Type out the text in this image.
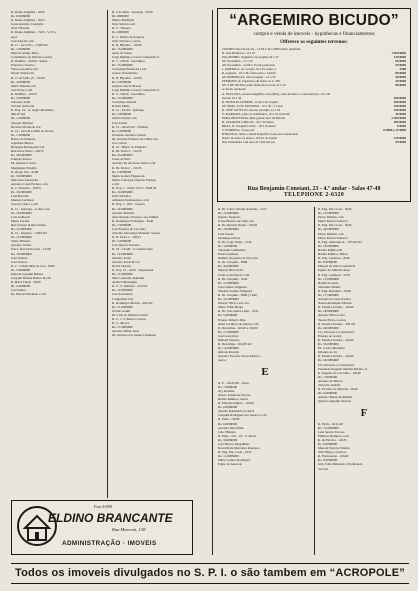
R. Dante Alighieri - 6x40
Rs. 6.000$000
R. Dante Alighieri - 6x35
Josué Arnaldo Consiglio
Irma Triviella
R. Dante Alighieri - 7x25 - V. Pro-
ença
José Antonio s/m
R. 17 - Jaca Fria - 5.000 m2
Rs. 1.000$000
Manoel Araujo Pinto
Conselheiro de Oliveira Godoy
R. Delmira - 20x50 - Saude
Francisco Saraiva
Vila Leopoldina s/m
Mosér Walsh s/m
R. 15 de Julho (T - 10x50
Rs. 4.000$000
Mario Mendes s/m
José Franco s/m
R. Delmira - 10x33
Rs. 3.000$000
Salvador Aritu
Vicente Aritu s/m
R. Proj. 10 - A. Anglo-Brasileira
286,70 m2
Rs. 1.000$000
Antonio Molbert
Ricardo Morais & Cia.
R. 14 - Jacu & Jardim do Gloria
Rs. 1.300$000
Bairro do Instituto
Jaguaribe Barros
Henrique Rosenquist s/m
Rua Dona Paula - 26x70
Rs. 28.000$000
Pompeu Pessoa
Dr. Antonio Carlos
Magdalena Estrella
R. Diogo Vaz - 6x48
Rs. 30.000$000
Mercedes Alexandre
Antonio Costa Pacheco s/m
R. 2 - Pirituba - 10x53
Rs. 16.000$000
Luiz Bracalla
Mansur Lucchesi
José de Castro e s/m
R. 12 - Ipiranga - el uma casa
Rs. 18.000$000
Luiz Galhardo
Maria Lucena
Rua Jacuara & Rua Zelina
Rs. 11.000$000
R. 14 - Itaquera - 1.000 m2
Rs. 12.000$000
Silvio Pimenta
Antonio Jordão
Praca, Rua Dom Leão - 13x50
Rs. 19.000$000
José Valente
José Peixoto
R. 2 - Cidade Mãe do Ceu - 8x60
Rs. 3.000$000
Manoel Joaquim Batista
Joaquim Batista Ramos & s/m
R. Barra Funda - 8x40
Rs. 2.000$000
José Santos
Dr. Durval Machado e s/m
R. 2 de Julho - Ipiranga - 8x38
Rs. 600$000
Mauro Bonfiglio
Julio Silveira s/m
R. 2 - Tatuapé
Rs. 600$000
R. 2 - Bairro de Itaquera
Julio Silveira e outros
R. D. Hipolito - 10x30
Rs. 15.000$000
Anna de Souza
Jorge Makhur e Cesar Campolim Jr.
R. 7 - 20x50 - Guarulhos
Rs. 15.000$000
Sociedade Brasileira Ltda.
Gastao Nascimento
R. D. Hipolito - 10x30
Rs. 5.000$000
Gustavo Oscar Brauer
Jorge Makhur e Cesar Campolim Jr.
R. 2 - 20x50 - Guarulhos
Rs. 13.000$000
Sociedade Amaral
Robert Mello
R. 12 - 10x10 - Ipiranga
Rs. 5.000$000
Arthur Zandar s/m
José Zarzur
R. 12 - 26x25x22 - Pirituba
Rs. 2.500$000
Jeronimo Antonio Curieri
Dr. Antonio Pinheiro de Ulhôa Cin-
tra e outros
R. 12 - Bairro do Pinheiro
R. Dr. Pedro I - 10x35
Rs. 25.000$000
Luisa de Haro
Antonio M. Alves de Lima e s/m
R. Dr. Pedro I - 10x35
Rs. 5.000$000
Maria Gomes Figueiredo
Maria Conceição Barreto Pantaja
e s/m
R. Proj. 1 - 8x26, 97x17, 78x8,30
Rs. 10.000$000
Julio Salvador
Armando Pederneiras e s/m
R. Proj. 1 - 8x2 - Voperu
Rs. 10.000$000
Antonio Martins
Abel Antonio Tavares e sua mulher
R. Domingos Fernandes - 8x40
Rs. 7.000$000
José Ferreira de Carvalho
Zenobia Alvarenga Monteiro Soares
R. D. Pedro I - 10x35
Rs. 5.000$000
José Ignacio Ferreira
R. 23 - 13x40 - V. Gumercindo
Rs. 12.000$000
Gilberto Gallo
Antonio Rossi & Cia.
David Serrano
R. Proj. 12 - 4x26 - Taquarussú
Rs. 12.000$000
Marco Antonio Ramaldi
Andaraí Meneghin
R. 2 - V. Mariana - 250 m2
Rs. 12.000$000
José Salvatierra
Companhia City
R. Domingos Morais - 482 m2
Rs. 21.000$000
Ovidio Gentil
Dr. Luiz de Oliveira Gentil
R. 2 - J. S. Bento e outros
R. 2 - Mooca
Rs. 17.000$000
Antonio Simão Neto
Dr. Antonio dos Santos Clemente
“ARGEMIRO BICUDO”
compra e venda de imoveis - hypothecas e financiamentos
Offerece os seguintes terrenos:
CENTRO, Rua da Gloria - 13,50 x 40 a 2800 metro quadrado
R. José Bonifacio - 8 x 25	1.200:000$
PACAEMBU, magnifico de esquina 26 x 27	120:000$
AV. Pacaembu - 15 x 35	60:000$
AV. Pacaembu - 12,00 x 35 em prestações	55:000$
J. AMERICA, Al. Lorena 10 x 45, metro a	350$
R. Augusta - 10 x 40, frente para o Jardim	80:000$
AV. REBOUÇAS, todo irregular - 12 x 35	40:000$
PERDIZES, R. Itapicurú, em frente ao n. 450	30:000$
AV. 9 DE JULHO, junto Radio Record de 12 x 32	80:000$
ao metro quadrado
A. PAULISTA, terreno magnifico todo (Brig. Luiz Antonio e Consolação) n. 16 x 40
terreno 16 x 40	200:000$
R. PEIXOTO GOMIDE, 11,40 x 45 esquina	180:000$
AV. BRIG. LUIZ ANTONIO - 10 x 45 - 3 casas	250:000$
R. JOSÉ GETULIO, terreno proximo 12 x 50	200:000$
V. MARIANA, junto ao Ambiental, 10 x 32 (120 m2)	40:000$
PARA INDUSTRIA, Brás grande area 18.000 m2	2.400:000$
R. JOAQUIM CARLOS - 18 x 30 metro	300:000$
BRAZ, R. Joaquim Carlos - 18 x 30 metro	6:000$
V. POMPEIA, 3 lotes por	6:000$ e 12:000$
IPIRANGA, lindo e venda magnifico lotes para residencias
aberto de todos os lados a 100 m. de bonde	120:000$
Rua Tamandaré com area de 1202 m2 por	95:000$
Rua Benjamin Constant, 23 - 4.º andar - Salas 47-48
TELEPHONE 2-6320
R. Dr. Carlos Morais Andrade - 7x17
Rs. 12.000$000
Ignacio Sequeiro
Ivone Barreto de Lima s/m
R. Dr. Ricardo Daunt - 18x20
Rs. 18.000$000
Luiz Soares
Domingos Rossi
R. Dr. Jorge Veiga - 7x40
Rs. 3.000$000
Sebastião Guilherme
Eurico Andrieu
Raimbo Nogueira de Norovha
R. Dr. Joaquim - 8x80
Rs. 30.000$000
Manoel Dias Pedro
Carlos Luiz Heyn e s/m
R. Dr. Joaquim - 5x20
Rs. 15.000$000
José Gomes Salgueiro
Teixeira Gomes Salgueiro
R. Dr. Joaquim - 8x80 (1 mil)
Rs. 14.500$000
Moacir Villar e sua Sra.
Maria Villar Braga
R. Dr. João Alves Lima - 5x35
Rs. 5.000$000
Ernesto Ribeiro Dias
Anna Cardinos de Abreu e s/m
R. Durvalina - 10x20 e 10x20
Rs. 11.000$000
José Gonçalves
Manuel Teixeira
R. Durvalina - 562,80 m2
Rs. 14.000$000
Alfredo Rosalia
Antonio Escobar Nevas Marra e
outros
E
R. E - 10x32,90 - Santo
Rs. 7.600$000
Ary Rossine
Arturo Salomone Tirone
Bertha Kühlia e outros
R. Elisa Rodrigues - 10x40
Rs. 6.000$000
Aurelio Raimundo da Silva
Joaquim Rodrigues dos Santos e s/m
R. Elisa - 10x30
Rs. 6.000$000
Antonio Marcellino
João Pimenta
R. Elias - 5x5 - 10 - V. Maria
Rs. 3.000$000
José Marcos Magalhães
Rosa Maria Mercedes Ronzano
R. Eng. Mac Lean - 10x3
Rs. 11.000$000
Maria Gomes Rodrigues
Edgar de Azevedo
R. Eng. Mac Lean - 8x40
Rs. 12.000$000
Dulce Pinheiro s/m
Maria Ferreri Santucci
R. Eng. Mac Lean - 8x40
Rs. 40.000$000
Dulce Pinheiro s/m
Maria Ferreri Santucci
R. Eng. Andradas Jr. - 185,20 m2
Rs. 18.000$000
Bertha Kühlia s/m
Bertha Kühlia e Filhos
R. Eng. Laumont - 8x40
Rs. 8.000$000
Manoel da Silva Constancia
Egidio de Almeida Rosa
R. Eng. Laumont - 5x35
Rs. 15.000$000
Heinrich Gauss
Sebastião Sibello
R. Eng. Ranulpho - 8x40
Rs. 17.500$000
Antonio de Assis Pereira
Nelson Ranulpho Moraes
R. Estados Unidos - 10x40
Rs. 18.000$000
Antonio Pinto Costa
Tereza Pinto e outros
R. Estados Unidos - 456 m2
Rs. 40.000$000
Cia. Imoveis e Construções
Ernesto de Godoy
R. Estados Unidos - 20x40
Rs. 55.000$000
Dr. Carlos Meirelles
Orlando de Sá
R. Estados Unidos - 20x40
Rs. 40.000$000
Cia. Imoveis e Construções
Fernando Eugenio Martins Ribeiro Jr.
R. Eugenio de Carvalho - 18x40
Rs. 7.000$000
Antonio de Barros
Victorino Stabile
R. Evaristo de Macedo - 8x40
Rs. 9.000$000
Amador Bueno & Ramira
Ignacio Angelini Alvarez
F
R. Fabio - 6x12,40
Rs. 12.000$000
Luiz Santos Tavares
Filiberto Ramires e s/m
R. da Fabrica - 10x35
Rs. 9.000$000
Manoel Ferreira Simões
Júlio Hugo e Cardoso
R. Fleriasendo - 10x40
Rs. 8.000$000
Julio Saltz Pimentel e Ferdinando
Vaccari
Fone 4-6991
ELDINO BRANCANTE
Rua Marconi, 138
ADMINISTRAÇÃO · IMOVEIS
Todos os imoveis divulgados no S. P. I. o são tambem em “ACROPOLE”
